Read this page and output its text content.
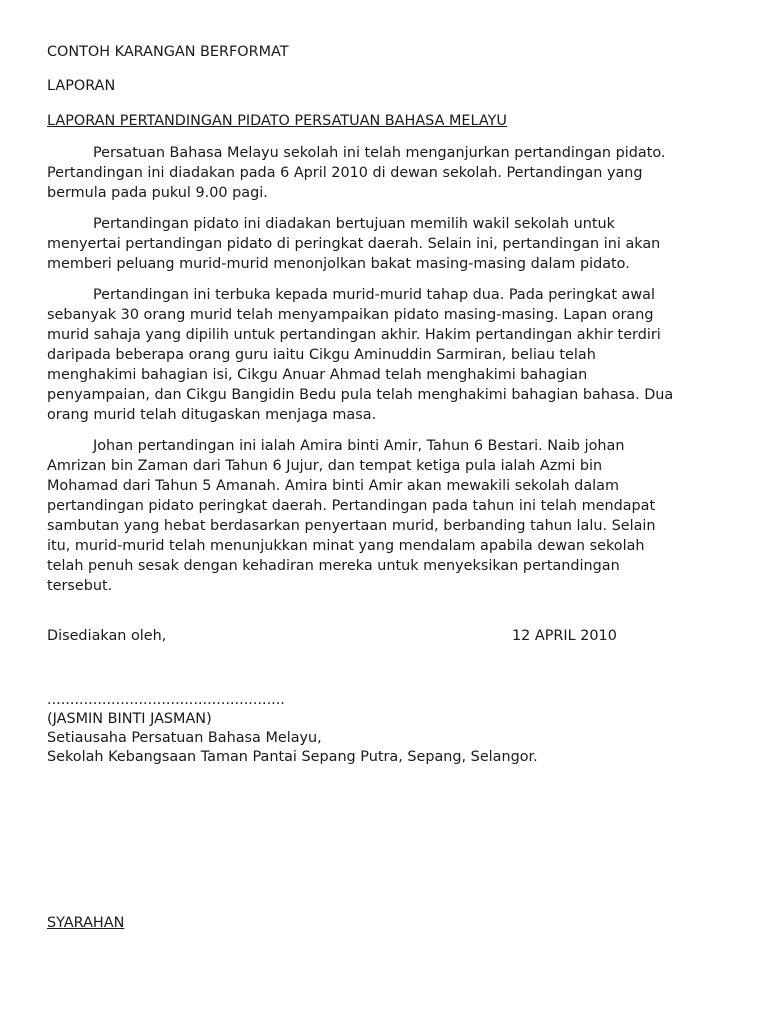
CONTOH KARANGAN BERFORMAT

LAPORAN

LAPORAN PERTANDINGAN PIDATO PERSATUAN BAHASA MELAYU

Persatuan Bahasa Melayu sekolah ini telah menganjurkan pertandingan pidato.

Pertandingan ini diadakan pada 6 April 2010 di dewan sekolah. Pertandingan yang

bermula pada pukul 9.00 pagi.

Pertandingan pidato ini diadakan bertujuan memilih wakil sekolah untuk

menyertai pertandingan pidato di peringkat daerah. Selain ini, pertandingan ini akan

memberi peluang murid-murid menonjolkan bakat masing-masing dalam pidato.

Pertandingan ini terbuka kepada murid-murid tahap dua. Pada peringkat awal

sebanyak 30 orang murid telah menyampaikan pidato masing-masing. Lapan orang

murid sahaja yang dipilih untuk pertandingan akhir. Hakim pertandingan akhir terdiri

daripada beberapa orang guru iaitu Cikgu Aminuddin Sarmiran, beliau telah

menghakimi bahagian isi, Cikgu Anuar Ahmad telah menghakimi bahagian

penyampaian, dan Cikgu Bangidin Bedu pula telah menghakimi bahagian bahasa. Dua

orang murid telah ditugaskan menjaga masa.

Johan pertandingan ini ialah Amira binti Amir, Tahun 6 Bestari. Naib johan

Amrizan bin Zaman dari Tahun 6 Jujur, dan tempat ketiga pula ialah Azmi bin

Mohamad dari Tahun 5 Amanah. Amira binti Amir akan mewakili sekolah dalam

pertandingan pidato peringkat daerah. Pertandingan pada tahun ini telah mendapat

sambutan yang hebat berdasarkan penyertaan murid, berbanding tahun lalu. Selain

itu, murid-murid telah menunjukkan minat yang mendalam apabila dewan sekolah

telah penuh sesak dengan kehadiran mereka untuk menyeksikan pertandingan

tersebut.

Disediakan oleh,	12 APRIL 2010

....................................................

(JASMIN BINTI JASMAN)

Setiausaha Persatuan Bahasa Melayu,

Sekolah Kebangsaan Taman Pantai Sepang Putra, Sepang, Selangor.

SYARAHAN
